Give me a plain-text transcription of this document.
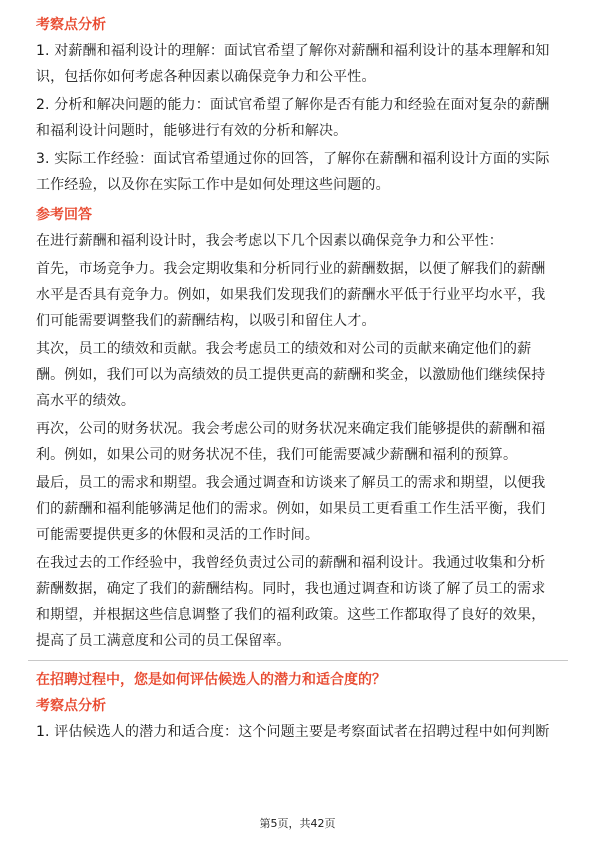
考察点分析

1. 对薪酬和福利设计的理解：面试官希望了解你对薪酬和福利设计的基本理解和知
识，包括你如何考虑各种因素以确保竞争力和公平性。

2. 分析和解决问题的能力：面试官希望了解你是否有能力和经验在面对复杂的薪酬
和福利设计问题时，能够进行有效的分析和解决。

3. 实际工作经验：面试官希望通过你的回答，了解你在薪酬和福利设计方面的实际
工作经验，以及你在实际工作中是如何处理这些问题的。

参考回答

在进行薪酬和福利设计时，我会考虑以下几个因素以确保竞争力和公平性：

首先，市场竞争力。我会定期收集和分析同行业的薪酬数据，以便了解我们的薪酬
水平是否具有竞争力。例如，如果我们发现我们的薪酬水平低于行业平均水平，我
们可能需要调整我们的薪酬结构，以吸引和留住人才。

其次，员工的绩效和贡献。我会考虑员工的绩效和对公司的贡献来确定他们的薪
酬。例如，我们可以为高绩效的员工提供更高的薪酬和奖金，以激励他们继续保持
高水平的绩效。

再次，公司的财务状况。我会考虑公司的财务状况来确定我们能够提供的薪酬和福
利。例如，如果公司的财务状况不佳，我们可能需要减少薪酬和福利的预算。

最后，员工的需求和期望。我会通过调查和访谈来了解员工的需求和期望，以便我
们的薪酬和福利能够满足他们的需求。例如，如果员工更看重工作生活平衡，我们
可能需要提供更多的休假和灵活的工作时间。

在我过去的工作经验中，我曾经负责过公司的薪酬和福利设计。我通过收集和分析
薪酬数据，确定了我们的薪酬结构。同时，我也通过调查和访谈了解了员工的需求
和期望，并根据这些信息调整了我们的福利政策。这些工作都取得了良好的效果，
提高了员工满意度和公司的员工保留率。

在招聘过程中，您是如何评估候选人的潜力和适合度的？
考察点分析

1. 评估候选人的潜力和适合度：这个问题主要是考察面试者在招聘过程中如何判断

第5页，共42页
